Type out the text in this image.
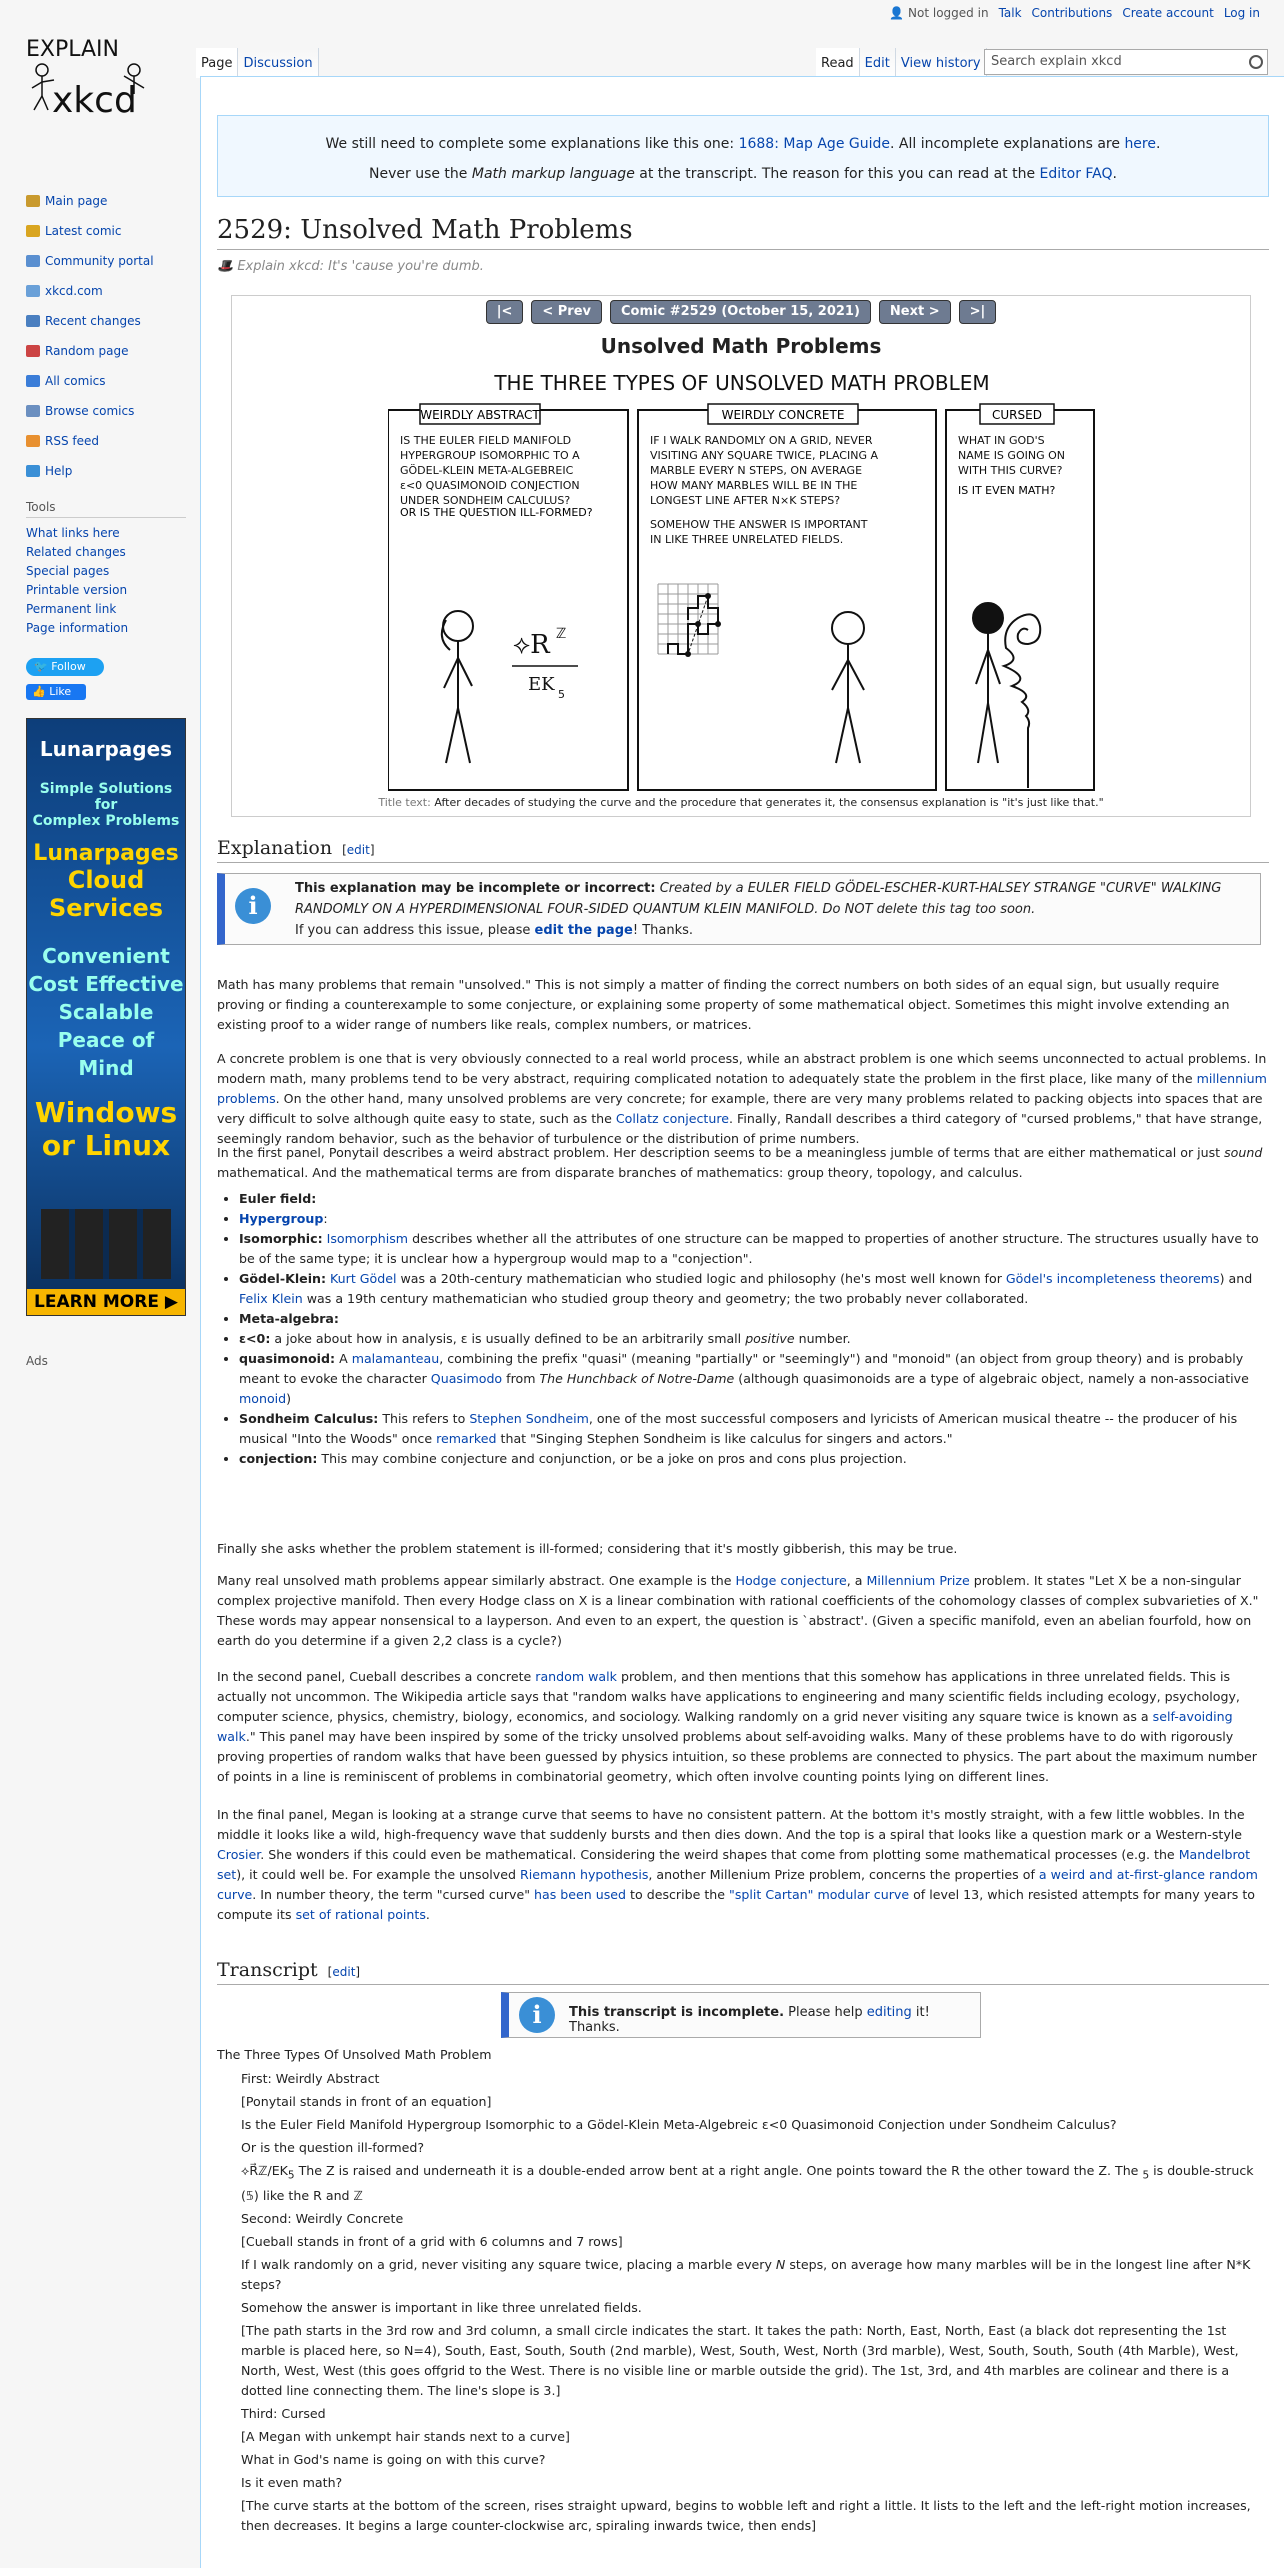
EXPLAIN
xkcd
Main page
Latest comic
Community portal
xkcd.com
Recent changes
Random page
All comics
Browse comics
RSS feed
Help
Tools
What links here
Related changes
Special pages
Printable version
Permanent link
Page information
🐦 Follow
👍 Like
Lunarpages
Simple Solutions
for
Complex Problems
Lunarpages
Cloud
Services
Convenient
Cost Effective
Scalable
Peace of Mind
Windows
or Linux
LEARN MORE ▶
Ads
👤 Not logged in Talk Contributions Create account Log in
Page Discussion	Read Edit View history Search explain xkcd
We still need to complete some explanations like this one: 1688: Map Age Guide. All incomplete explanations are here.
Never use the Math markup language at the transcript. The reason for this you can read at the Editor FAQ.
2529: Unsolved Math Problems
🎩 Explain xkcd: It's 'cause you're dumb.
|<	< Prev	Comic #2529 (October 15, 2021)	Next >	>|
Unsolved Math Problems
THE THREE TYPES OF UNSOLVED MATH PROBLEM
WEIRDLY ABSTRACT	WEIRDLY CONCRETE	CURSED
IS THE EULER FIELD MANIFOLD
HYPERGROUP ISOMORPHIC TO A
GÖDEL-KLEIN META-ALGEBREIC
ε<0 QUASIMONOID CONJECTION
UNDER SONDHEIM CALCULUS?
OR IS THE QUESTION ILL-FORMED?
IF I WALK RANDOMLY ON A GRID, NEVER
VISITING ANY SQUARE TWICE, PLACING A
MARBLE EVERY N STEPS, ON AVERAGE
HOW MANY MARBLES WILL BE IN THE
LONGEST LINE AFTER N×K STEPS?
SOMEHOW THE ANSWER IS IMPORTANT
IN LIKE THREE UNRELATED FIELDS.
WHAT IN GOD'S
NAME IS GOING ON
WITH THIS CURVE?
IS IT EVEN MATH?
⟡R ℤ
EK 5
Title text: After decades of studying the curve and the procedure that generates it, the consensus explanation is "it's just like that."
Explanation [edit]
i
This explanation may be incomplete or incorrect: Created by a EULER FIELD GÖDEL-ESCHER-KURT-HALSEY STRANGE "CURVE" WALKING RANDOMLY ON A HYPERDIMENSIONAL FOUR-SIDED QUANTUM KLEIN MANIFOLD. Do NOT delete this tag too soon.
If you can address this issue, please edit the page! Thanks.

Math has many problems that remain "unsolved." This is not simply a matter of finding the correct numbers on both sides of an equal sign, but usually require proving or finding a counterexample to some conjecture, or explaining some property of some mathematical object. Sometimes this might involve extending an existing proof to a wider range of numbers like reals, complex numbers, or matrices.

A concrete problem is one that is very obviously connected to a real world process, while an abstract problem is one which seems unconnected to actual problems. In modern math, many problems tend to be very abstract, requiring complicated notation to adequately state the problem in the first place, like many of the millennium problems. On the other hand, many unsolved problems are very concrete; for example, there are very many problems related to packing objects into spaces that are very difficult to solve although quite easy to state, such as the Collatz conjecture. Finally, Randall describes a third category of "cursed problems," that have strange, seemingly random behavior, such as the behavior of turbulence or the distribution of prime numbers.

In the first panel, Ponytail describes a weird abstract problem. Her description seems to be a meaningless jumble of terms that are either mathematical or just sound mathematical. And the mathematical terms are from disparate branches of mathematics: group theory, topology, and calculus.

• Euler field:
• Hypergroup:
• Isomorphic: Isomorphism describes whether all the attributes of one structure can be mapped to properties of another structure. The structures usually have to be of the same type; it is unclear how a hypergroup would map to a "conjection".
• Gödel-Klein: Kurt Gödel was a 20th-century mathematician who studied logic and philosophy (he's most well known for Gödel's incompleteness theorems) and Felix Klein was a 19th century mathematician who studied group theory and geometry; the two probably never collaborated.
• Meta-algebra:
• ε<0: a joke about how in analysis, ε is usually defined to be an arbitrarily small positive number.
• quasimonoid: A malamanteau, combining the prefix "quasi" (meaning "partially" or "seemingly") and "monoid" (an object from group theory) and is probably meant to evoke the character Quasimodo from The Hunchback of Notre-Dame (although quasimonoids are a type of algebraic object, namely a non-associative monoid)
• Sondheim Calculus: This refers to Stephen Sondheim, one of the most successful composers and lyricists of American musical theatre -- the producer of his musical "Into the Woods" once remarked that "Singing Stephen Sondheim is like calculus for singers and actors."
• conjection: This may combine conjecture and conjunction, or be a joke on pros and cons plus projection.

Finally she asks whether the problem statement is ill-formed; considering that it's mostly gibberish, this may be true.

Many real unsolved math problems appear similarly abstract. One example is the Hodge conjecture, a Millennium Prize problem. It states "Let X be a non-singular complex projective manifold. Then every Hodge class on X is a linear combination with rational coefficients of the cohomology classes of complex subvarieties of X." These words may appear nonsensical to a layperson. And even to an expert, the question is `abstract'. (Given a specific manifold, even an abelian fourfold, how on earth do you determine if a given 2,2 class is a cycle?)

In the second panel, Cueball describes a concrete random walk problem, and then mentions that this somehow has applications in three unrelated fields. This is actually not uncommon. The Wikipedia article says that "random walks have applications to engineering and many scientific fields including ecology, psychology, computer science, physics, chemistry, biology, economics, and sociology. Walking randomly on a grid never visiting any square twice is known as a self-avoiding walk." This panel may have been inspired by some of the tricky unsolved problems about self-avoiding walks. Many of these problems have to do with rigorously proving properties of random walks that have been guessed by physics intuition, so these problems are connected to physics. The part about the maximum number of points in a line is reminiscent of problems in combinatorial geometry, which often involve counting points lying on different lines.

In the final panel, Megan is looking at a strange curve that seems to have no consistent pattern. At the bottom it's mostly straight, with a few little wobbles. In the middle it looks like a wild, high-frequency wave that suddenly bursts and then dies down. And the top is a spiral that looks like a question mark or a Western-style Crosier. She wonders if this could even be mathematical. Considering the weird shapes that come from plotting some mathematical processes (e.g. the Mandelbrot set), it could well be. For example the unsolved Riemann hypothesis, another Millenium Prize problem, concerns the properties of a weird and at-first-glance random curve. In number theory, the term "cursed curve" has been used to describe the "split Cartan" modular curve of level 13, which resisted attempts for many years to compute its set of rational points.

Transcript [edit]
i	This transcript is incomplete. Please help editing it! Thanks.

The Three Types Of Unsolved Math Problem

First: Weirdly Abstract
[Ponytail stands in front of an equation]
Is the Euler Field Manifold Hypergroup Isomorphic to a Gödel-Klein Meta-Algebreic ε<0 Quasimonoid Conjection under Sondheim Calculus?
Or is the question ill-formed?
$⟡R⃗ℤ/EK_5$ The Z is raised and underneath it is a double-ended arrow bent at a right angle. One points toward the R the other toward the Z. The $_5$ is double-struck (𝟝) like the R and ℤ
Second: Weirdly Concrete
[Cueball stands in front of a grid with 6 columns and 7 rows]
If I walk randomly on a grid, never visiting any square twice, placing a marble every N steps, on average how many marbles will be in the longest line after N*K steps?
Somehow the answer is important in like three unrelated fields.
[The path starts in the 3rd row and 3rd column, a small circle indicates the start. It takes the path: North, East, North, East (a black dot representing the 1st marble is placed here, so N=4), South, East, South, South (2nd marble), West, South, West, North (3rd marble), West, South, South, South (4th Marble), West, North, West, West (this goes offgrid to the West. There is no visible line or marble outside the grid). The 1st, 3rd, and 4th marbles are colinear and there is a dotted line connecting them. The line's slope is 3.]
Third: Cursed
[A Megan with unkempt hair stands next to a curve]
What in God's name is going on with this curve?
Is it even math?
[The curve starts at the bottom of the screen, rises straight upward, begins to wobble left and right a little. It lists to the left and the left-right motion increases, then decreases. It begins a large counter-clockwise arc, spiraling inwards twice, then ends]
